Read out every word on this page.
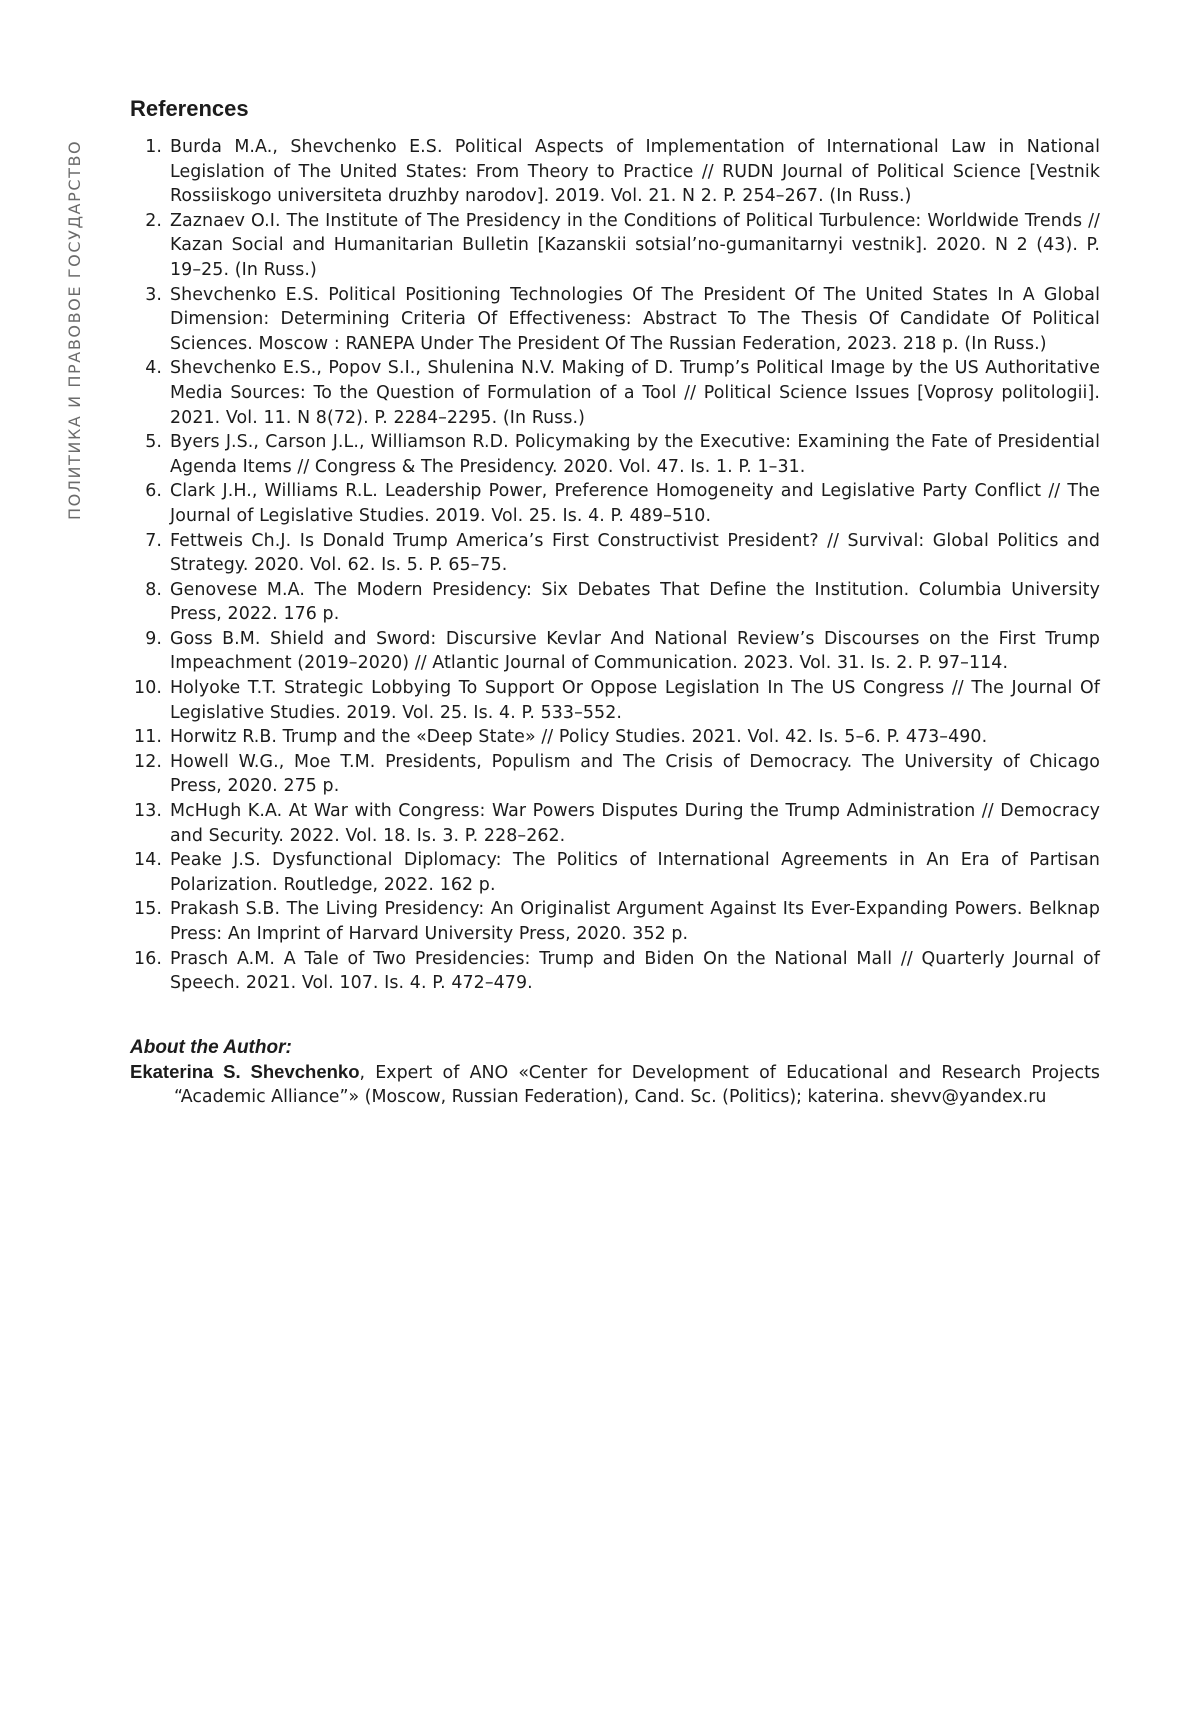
ПОЛИТИКА И ПРАВОВОЕ ГОСУДАРСТВО
References
1. Burda M.A., Shevchenko E.S. Political Aspects of Implementation of International Law in National Legislation of The United States: From Theory to Practice // RUDN Journal of Political Science [Vestnik Rossiiskogo universiteta druzhby narodov]. 2019. Vol. 21. N 2. P. 254–267. (In Russ.)
2. Zaznaev O.I. The Institute of The Presidency in the Conditions of Political Turbulence: Worldwide Trends // Kazan Social and Humanitarian Bulletin [Kazanskii sotsial’no-gumanitarnyi vestnik]. 2020. N 2 (43). P. 19–25. (In Russ.)
3. Shevchenko E.S. Political Positioning Technologies Of The President Of The United States In A Global Dimension: Determining Criteria Of Effectiveness: Abstract To The Thesis Of Candidate Of Political Sciences. Moscow : RANEPA Under The President Of The Russian Federation, 2023. 218 p. (In Russ.)
4. Shevchenko E.S., Popov S.I., Shulenina N.V. Making of D. Trump’s Political Image by the US Authoritative Media Sources: To the Question of Formulation of a Tool // Political Science Issues [Voprosy politologii]. 2021. Vol. 11. N 8(72). P. 2284–2295. (In Russ.)
5. Byers J.S., Carson J.L., Williamson R.D. Policymaking by the Executive: Examining the Fate of Presidential Agenda Items // Congress & The Presidency. 2020. Vol. 47. Is. 1. P. 1–31.
6. Clark J.H., Williams R.L. Leadership Power, Preference Homogeneity and Legislative Party Conflict // The Journal of Legislative Studies. 2019. Vol. 25. Is. 4. P. 489–510.
7. Fettweis Ch.J. Is Donald Trump America’s First Constructivist President? // Survival: Global Politics and Strategy. 2020. Vol. 62. Is. 5. P. 65–75.
8. Genovese M.A. The Modern Presidency: Six Debates That Define the Institution. Columbia University Press, 2022. 176 p.
9. Goss B.M. Shield and Sword: Discursive Kevlar And National Review’s Discourses on the First Trump Impeachment (2019–2020) // Atlantic Journal of Communication. 2023. Vol. 31. Is. 2. P. 97–114.
10. Holyoke T.T. Strategic Lobbying To Support Or Oppose Legislation In The US Congress // The Journal Of Legislative Studies. 2019. Vol. 25. Is. 4. P. 533–552.
11. Horwitz R.B. Trump and the «Deep State» // Policy Studies. 2021. Vol. 42. Is. 5–6. P. 473–490.
12. Howell W.G., Moe T.M. Presidents, Populism and The Crisis of Democracy. The University of Chicago Press, 2020. 275 p.
13. McHugh K.A. At War with Congress: War Powers Disputes During the Trump Administration // Democracy and Security. 2022. Vol. 18. Is. 3. P. 228–262.
14. Peake J.S. Dysfunctional Diplomacy: The Politics of International Agreements in An Era of Partisan Polarization. Routledge, 2022. 162 p.
15. Prakash S.B. The Living Presidency: An Originalist Argument Against Its Ever-Expanding Powers. Belknap Press: An Imprint of Harvard University Press, 2020. 352 p.
16. Prasch A.M. A Tale of Two Presidencies: Trump and Biden On the National Mall // Quarterly Journal of Speech. 2021. Vol. 107. Is. 4. P. 472–479.
About the Author:
Ekaterina S. Shevchenko, Expert of ANO «Center for Development of Educational and Research Projects “Academic Alliance”» (Moscow, Russian Federation), Cand. Sc. (Politics); katerina. shevv@yandex.ru
